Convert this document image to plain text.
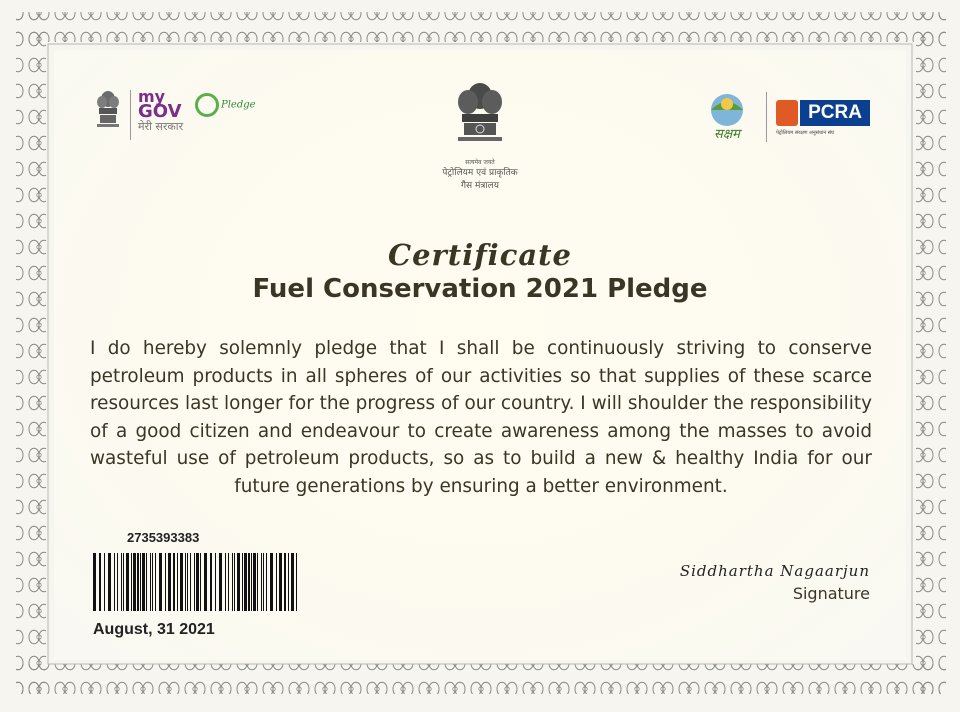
my
GOV
मेरी सरकार
Pledge
सत्यमेव जयते
पेट्रोलियम एवं प्राकृतिक
गैस मंत्रालय
सक्षम
PCRA
पेट्रोलियम संरक्षण अनुसंधान संघ
Certificate
Fuel Conservation 2021 Pledge
I do hereby solemnly pledge that I shall be continuously striving to conserve petroleum products in all spheres of our activities so that supplies of these scarce resources last longer for the progress of our country. I will shoulder the responsibility of a good citizen and endeavour to create awareness among the masses to avoid wasteful use of petroleum products, so as to build a new & healthy India for our future generations by ensuring a better environment.
2735393383
August, 31 2021
Siddhartha Nagaarjun
Signature
